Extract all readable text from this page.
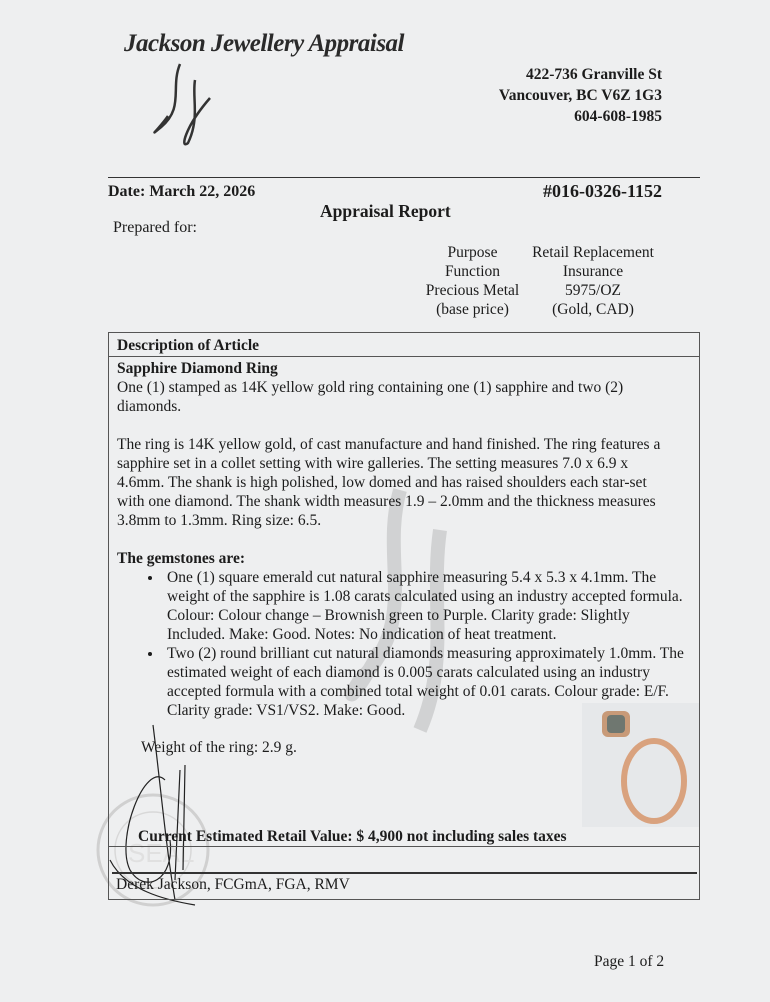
Jackson Jewellery Appraisal
422-736 Granville St
Vancouver, BC V6Z 1G3
604-608-1985
Date: March 22, 2026	#016-0326-1152
Appraisal Report
Prepared for:
Purpose
Function
Precious Metal
(base price)
Retail Replacement
Insurance
5975/OZ
(Gold, CAD)
Description of Article

Sapphire Diamond Ring

One (1) stamped as 14K yellow gold ring containing one (1) sapphire and two (2) diamonds.

The ring is 14K yellow gold, of cast manufacture and hand finished. The ring features a sapphire set in a collet setting with wire galleries. The setting measures 7.0 x 6.9 x 4.6mm. The shank is high polished, low domed and has raised shoulders each star-set with one diamond. The shank width measures 1.9 – 2.0mm and the thickness measures 3.8mm to 1.3mm. Ring size: 6.5.

The gemstones are:

• One (1) square emerald cut natural sapphire measuring 5.4 x 5.3 x 4.1mm. The weight of the sapphire is 1.08 carats calculated using an industry accepted formula. Colour: Colour change – Brownish green to Purple. Clarity grade: Slightly Included. Make: Good. Notes: No indication of heat treatment.
• Two (2) round brilliant cut natural diamonds measuring approximately 1.0mm. The estimated weight of each diamond is 0.005 carats calculated using an industry accepted formula with a combined total weight of 0.01 carats. Colour grade: E/F. Clarity grade: VS1/VS2. Make: Good.

Weight of the ring: 2.9 g.

SEAL
Current Estimated Retail Value: $ 4,900 not including sales taxes
Derek Jackson, FCGmA, FGA, RMV
Page 1 of 2
